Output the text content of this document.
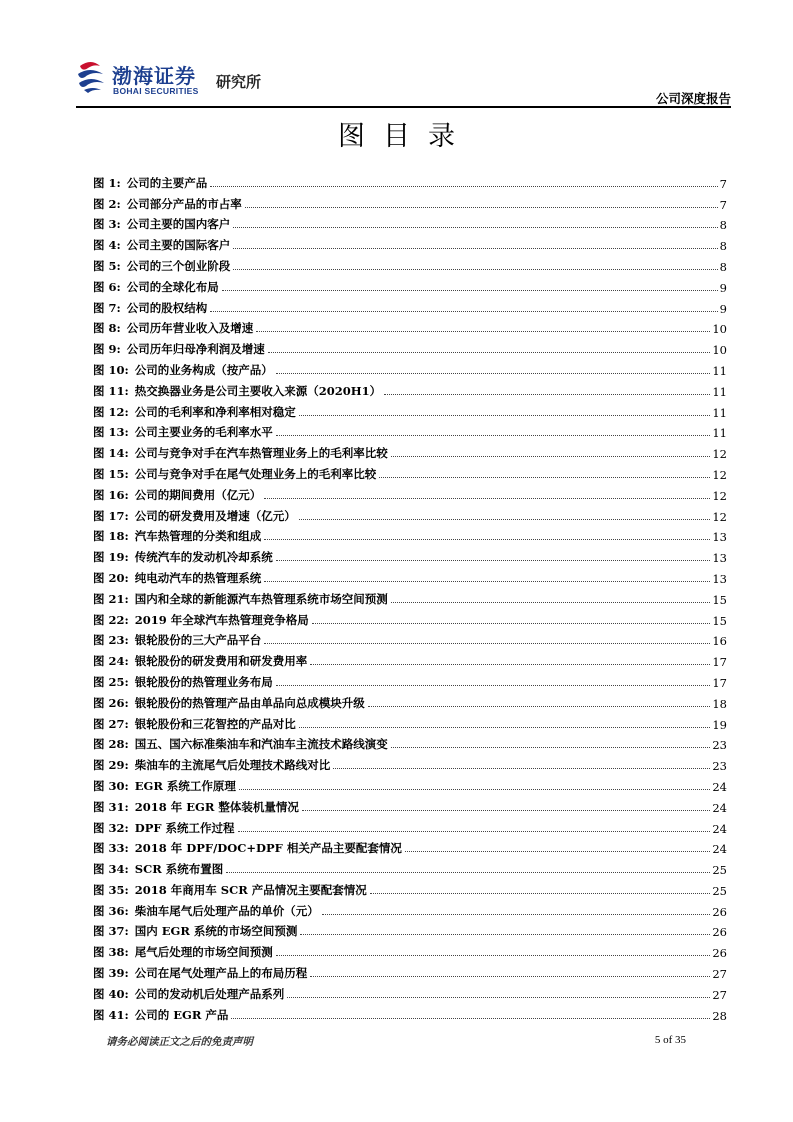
渤海证券
BOHAI SECURITIES 研究所
公司深度报告
图目录
图 1: 公司的主要产品	7
图 2: 公司部分产品的市占率	7
图 3: 公司主要的国内客户	8
图 4: 公司主要的国际客户	8
图 5: 公司的三个创业阶段	8
图 6: 公司的全球化布局	9
图 7: 公司的股权结构	9
图 8: 公司历年营业收入及增速	10
图 9: 公司历年归母净利润及增速	10
图 10: 公司的业务构成（按产品）	11
图 11: 热交换器业务是公司主要收入来源（2020H1）	11
图 12: 公司的毛利率和净利率相对稳定	11
图 13: 公司主要业务的毛利率水平	11
图 14: 公司与竞争对手在汽车热管理业务上的毛利率比较	12
图 15: 公司与竞争对手在尾气处理业务上的毛利率比较	12
图 16: 公司的期间费用（亿元）	12
图 17: 公司的研发费用及增速（亿元）	12
图 18: 汽车热管理的分类和组成	13
图 19: 传统汽车的发动机冷却系统	13
图 20: 纯电动汽车的热管理系统	13
图 21: 国内和全球的新能源汽车热管理系统市场空间预测	15
图 22: 2019 年全球汽车热管理竞争格局	15
图 23: 银轮股份的三大产品平台	16
图 24: 银轮股份的研发费用和研发费用率	17
图 25: 银轮股份的热管理业务布局	17
图 26: 银轮股份的热管理产品由单品向总成模块升级	18
图 27: 银轮股份和三花智控的产品对比	19
图 28: 国五、国六标准柴油车和汽油车主流技术路线演变	23
图 29: 柴油车的主流尾气后处理技术路线对比	23
图 30: EGR 系统工作原理	24
图 31: 2018 年 EGR 整体装机量情况	24
图 32: DPF 系统工作过程	24
图 33: 2018 年 DPF/DOC+DPF 相关产品主要配套情况	24
图 34: SCR 系统布置图	25
图 35: 2018 年商用车 SCR 产品情况主要配套情况	25
图 36: 柴油车尾气后处理产品的单价（元）	26
图 37: 国内 EGR 系统的市场空间预测	26
图 38: 尾气后处理的市场空间预测	26
图 39: 公司在尾气处理产品上的布局历程	27
图 40: 公司的发动机后处理产品系列	27
图 41: 公司的 EGR 产品	28
请务必阅读正文之后的免责声明	5 of 35
